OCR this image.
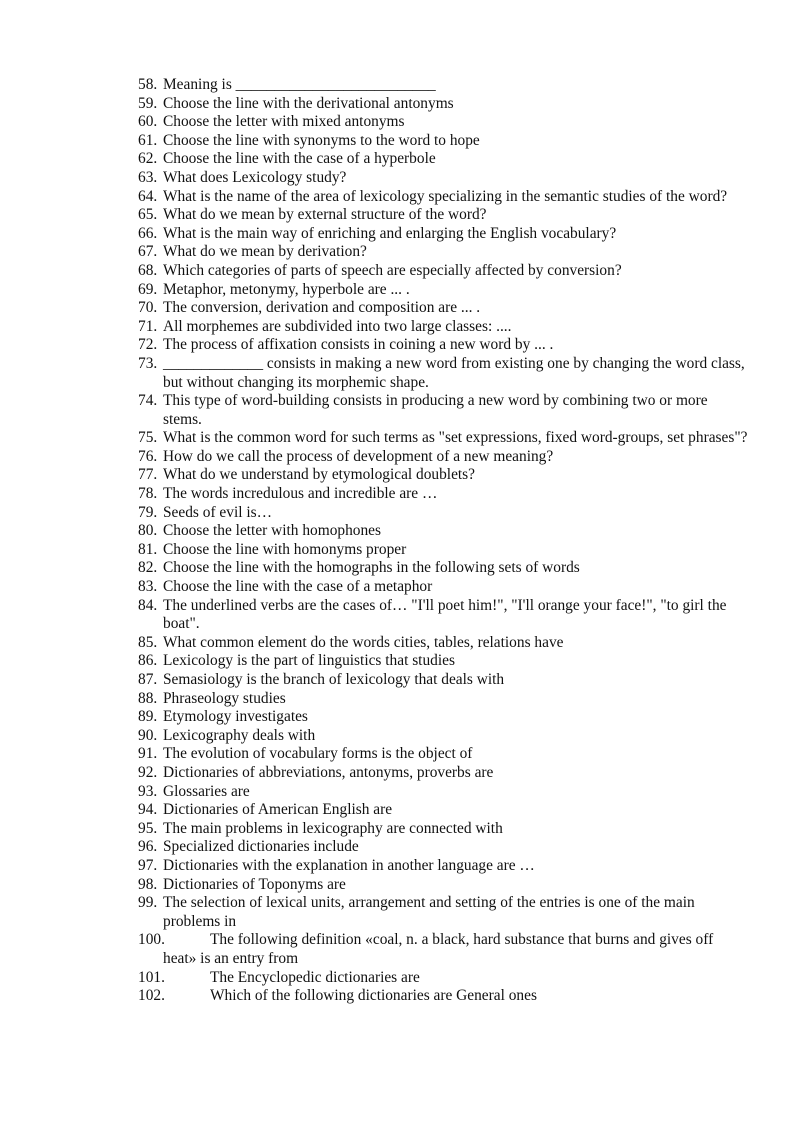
58. Meaning is __________________________
59. Choose the line with the derivational antonyms
60. Choose the letter with mixed antonyms
61. Choose the line with synonyms to the word to hope
62. Choose the line with the case of a hyperbole
63. What does Lexicology study?
64. What is the name of the area of lexicology specializing in the semantic studies of the word?
65. What do we mean by external structure of the word?
66. What is the main way of enriching and enlarging the English vocabulary?
67. What do we mean by derivation?
68. Which categories of parts of speech are especially affected by conversion?
69. Metaphor, metonymy, hyperbole are ... .
70. The conversion, derivation and composition are ... .
71. All morphemes are subdivided into two large classes: ....
72. The process of affixation consists in coining a new word by ... .
73. _____________ consists in making a new word from existing one by changing the word class, but without changing its morphemic shape.
74. This type of word-building consists in producing a new word by combining two or more stems.
75. What is the common word for such terms as "set expressions, fixed word-groups, set phrases"?
76. How do we call the process of development of a new meaning?
77. What do we understand by etymological doublets?
78. The words incredulous and incredible are …
79. Seeds of evil is…
80. Choose the letter with homophones
81. Choose the line with homonyms proper
82. Choose the line with the homographs in the following sets of words
83. Choose the line with the case of a metaphor
84. The underlined verbs are the cases of… "I'll poet him!", "I'll orange your face!", "to girl the boat".
85. What common element do the words cities, tables, relations have
86. Lexicology is the part of linguistics that studies
87. Semasiology is the branch of lexicology that deals with
88. Phraseology studies
89. Etymology investigates
90. Lexicography deals with
91. The evolution of vocabulary forms is the object of
92. Dictionaries of abbreviations, antonyms, proverbs are
93. Glossaries are
94. Dictionaries of American English are
95. The main problems in lexicography are connected with
96. Specialized dictionaries include
97. Dictionaries with the explanation in another language are …
98. Dictionaries of Toponyms are
99. The selection of lexical units, arrangement and setting of the entries is one of the main problems in
100.	The following definition «coal, n. a black, hard substance that burns and gives off heat» is an entry from
101.	The Encyclopedic dictionaries are
102.	Which of the following dictionaries are General ones
